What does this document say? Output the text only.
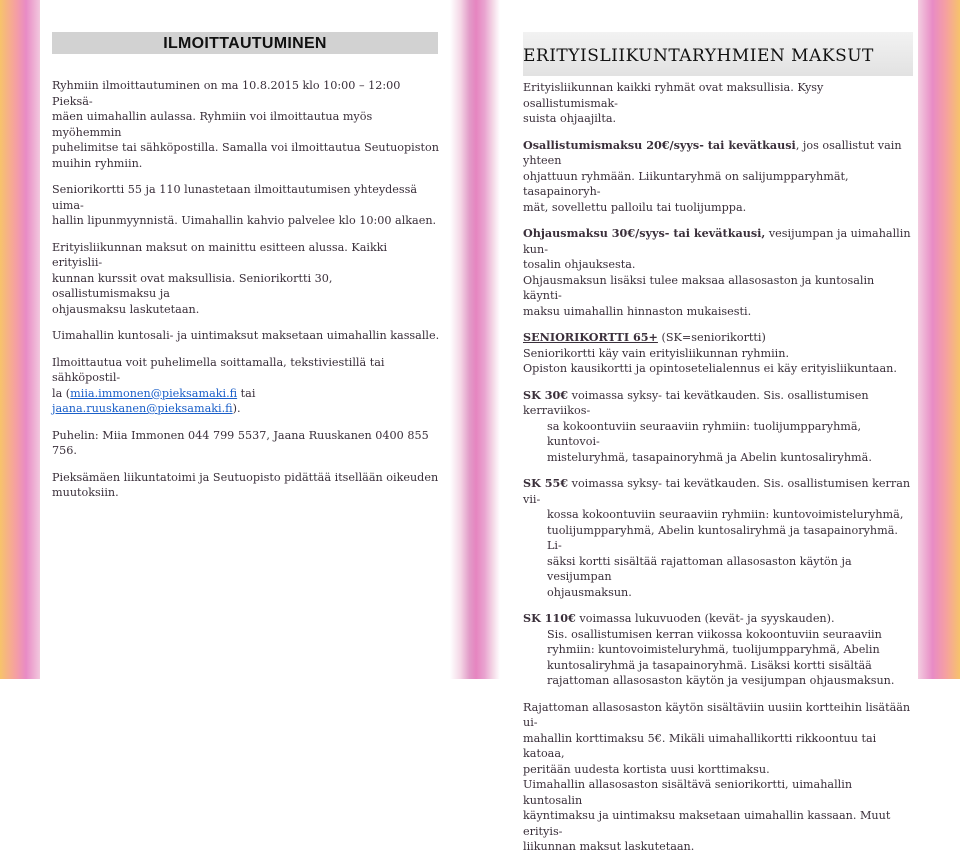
ILMOITTAUTUMINEN

Ryhmiin ilmoittautuminen on ma 10.8.2015 klo 10:00 – 12:00 Pieksä-
mäen uimahallin aulassa. Ryhmiin voi ilmoittautua myös myöhemmin
puhelimitse tai sähköpostilla. Samalla voi ilmoittautua Seutuopiston
muihin ryhmiin.

Seniorikortti 55 ja 110 lunastetaan ilmoittautumisen yhteydessä uima-
hallin lipunmyynnistä. Uimahallin kahvio palvelee klo 10:00 alkaen.

Erityisliikunnan maksut on mainittu esitteen alussa. Kaikki erityislii-
kunnan kurssit ovat maksullisia. Seniorikortti 30, osallistumismaksu ja
ohjausmaksu laskutetaan.

Uimahallin kuntosali- ja uintimaksut maksetaan uimahallin kassalle.

Ilmoittautua voit puhelimella soittamalla, tekstiviestillä tai sähköpostil-
la (miia.immonen@pieksamaki.fi tai jaana.ruuskanen@pieksamaki.fi).

Puhelin: Miia Immonen 044 799 5537, Jaana Ruuskanen 0400 855 756.

Pieksämäen liikuntatoimi ja Seutuopisto pidättää itsellään oikeuden
muutoksiin.

ERITYISLIIKUNTARYHMIEN MAKSUT

Erityisliikunnan kaikki ryhmät ovat maksullisia. Kysy osallistumismak-
suista ohjaajilta.

Osallistumismaksu 20€/syys- tai kevätkausi, jos osallistut vain yhteen
ohjattuun ryhmään. Liikuntaryhmä on salijumpparyhmät, tasapainoryh-
mät, sovellettu palloilu tai tuolijumppa.

Ohjausmaksu 30€/syys- tai kevätkausi, vesijumpan ja uimahallin kun-
tosalin ohjauksesta.
Ohjausmaksun lisäksi tulee maksaa allasosaston ja kuntosalin käynti-
maksu uimahallin hinnaston mukaisesti.

SENIORIKORTTI 65+ (SK=seniorikortti)
Seniorikortti käy vain erityisliikunnan ryhmiin.
Opiston kausikortti ja opintosetelialennus ei käy erityisliikuntaan.

SK 30€ voimassa syksy- tai kevätkauden. Sis. osallistumisen kerraviikos-
sa kokoontuviin seuraaviin ryhmiin: tuolijumpparyhmä, kuntovoi-
misteluryhmä, tasapainoryhmä ja Abelin kuntosaliryhmä.

SK 55€ voimassa syksy- tai kevätkauden. Sis. osallistumisen kerran vii-
kossa kokoontuviin seuraaviin ryhmiin: kuntovoimisteluryhmä,
tuolijumpparyhmä, Abelin kuntosaliryhmä ja tasapainoryhmä. Li-
säksi kortti sisältää rajattoman allasosaston käytön ja vesijumpan
ohjausmaksun.

SK 110€ voimassa lukuvuoden (kevät- ja syyskauden).
Sis. osallistumisen kerran viikossa kokoontuviin seuraaviin
ryhmiin: kuntovoimisteluryhmä, tuolijumpparyhmä, Abelin
kuntosaliryhmä ja tasapainoryhmä. Lisäksi kortti sisältää
rajattoman allasosaston käytön ja vesijumpan ohjausmaksun.

Rajattoman allasosaston käytön sisältäviin uusiin kortteihin lisätään ui-
mahallin korttimaksu 5€. Mikäli uimahallikortti rikkoontuu tai katoaa,
peritään uudesta kortista uusi korttimaksu.
Uimahallin allasosaston sisältävä seniorikortti, uimahallin kuntosalin
käyntimaksu ja uintimaksu maksetaan uimahallin kassaan. Muut erityis-
liikunnan maksut laskutetaan.
